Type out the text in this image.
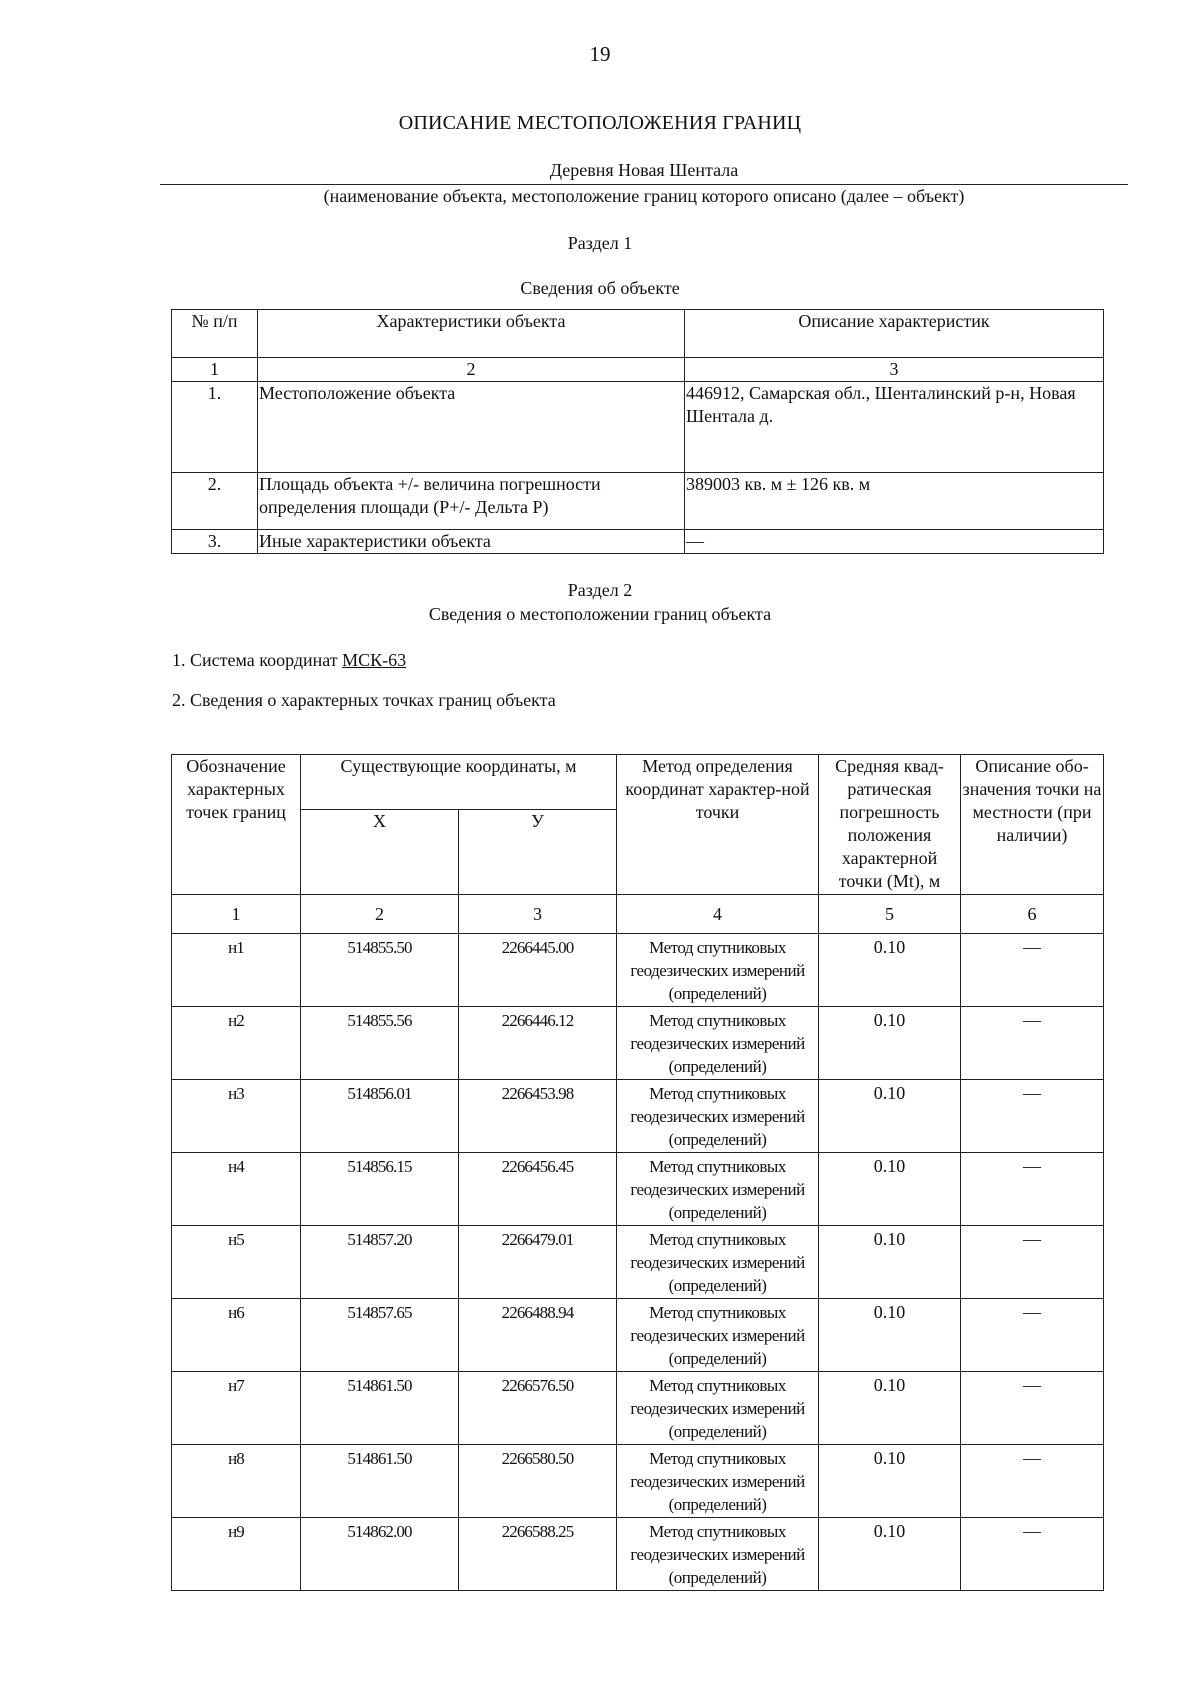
19
ОПИСАНИЕ МЕСТОПОЛОЖЕНИЯ ГРАНИЦ
Деревня Новая Шентала
(наименование объекта, местоположение границ которого описано (далее – объект)
Раздел 1
Сведения об объекте
№ п/п	Характеристики объекта	Описание характеристик
1	2	3
1.	Местоположение объекта	446912, Самарская обл., Шенталинский р-н, Новая Шентала д.
2.	Площадь объекта +/- величина погрешности определения площади (Р+/- Дельта Р)	389003 кв. м ± 126 кв. м
3.	Иные характеристики объекта	—
Раздел 2
Сведения о местоположении границ объекта
1. Система координат МСК-63
2. Сведения о характерных точках границ объекта
Обозначение характерных точек границ	Существующие координаты, м		Метод определения координат характер-ной точки	Средняя квад-ратическая погрешность положения характерной точки (Mt), м	Описание обо-значения точки на местности (при наличии)
	X	У			
1	2	3	4	5	6
н1	514855.50	2266445.00	Метод спутниковых геодезических измерений (определений)	0.10	—
н2	514855.56	2266446.12	Метод спутниковых геодезических измерений (определений)	0.10	—
н3	514856.01	2266453.98	Метод спутниковых геодезических измерений (определений)	0.10	—
н4	514856.15	2266456.45	Метод спутниковых геодезических измерений (определений)	0.10	—
н5	514857.20	2266479.01	Метод спутниковых геодезических измерений (определений)	0.10	—
н6	514857.65	2266488.94	Метод спутниковых геодезических измерений (определений)	0.10	—
н7	514861.50	2266576.50	Метод спутниковых геодезических измерений (определений)	0.10	—
н8	514861.50	2266580.50	Метод спутниковых геодезических измерений (определений)	0.10	—
н9	514862.00	2266588.25	Метод спутниковых геодезических измерений (определений)	0.10	—
